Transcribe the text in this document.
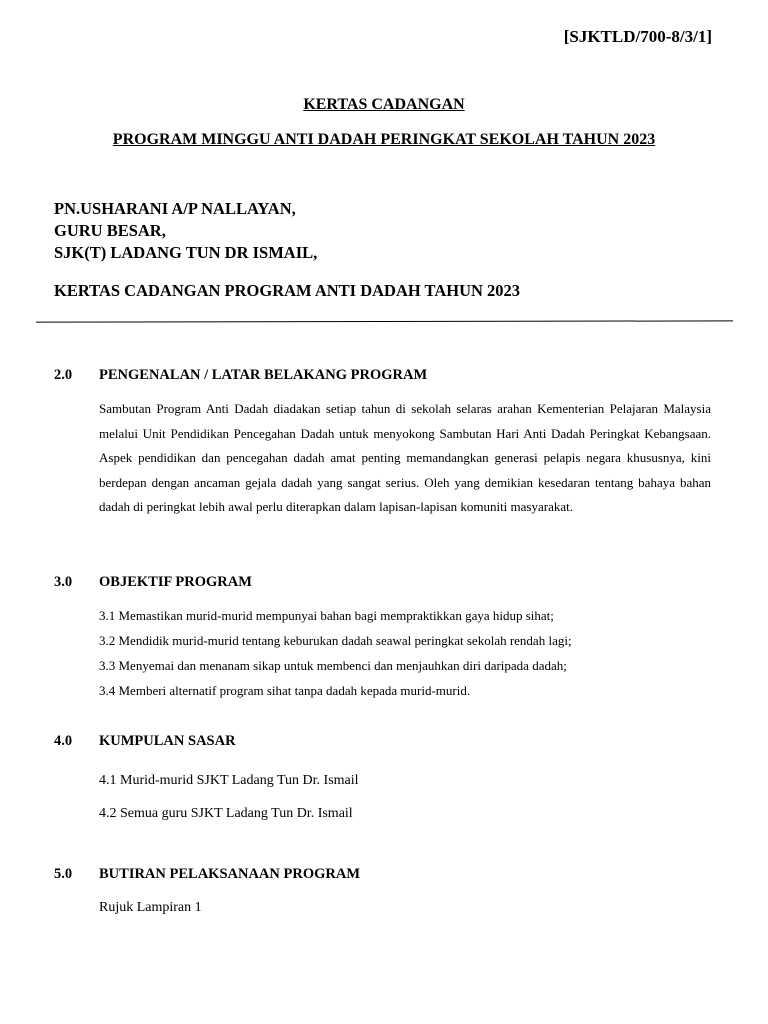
[SJKTLD/700-8/3/1]
KERTAS CADANGAN
PROGRAM MINGGU ANTI DADAH PERINGKAT SEKOLAH TAHUN 2023
PN.USHARANI A/P NALLAYAN,
GURU BESAR,
SJK(T) LADANG TUN DR ISMAIL,
KERTAS CADANGAN PROGRAM ANTI DADAH TAHUN 2023
2.0 PENGENALAN / LATAR BELAKANG PROGRAM
Sambutan Program Anti Dadah diadakan setiap tahun di sekolah selaras arahan Kementerian Pelajaran Malaysia melalui Unit Pendidikan Pencegahan Dadah untuk menyokong Sambutan Hari Anti Dadah Peringkat Kebangsaan. Aspek pendidikan dan pencegahan dadah amat penting memandangkan generasi pelapis negara khususnya, kini berdepan dengan ancaman gejala dadah yang sangat serius. Oleh yang demikian kesedaran tentang bahaya bahan dadah di peringkat lebih awal perlu diterapkan dalam lapisan-lapisan komuniti masyarakat.
3.0 OBJEKTIF PROGRAM
3.1 Memastikan murid-murid mempunyai bahan bagi mempraktikkan gaya hidup sihat;
3.2 Mendidik murid-murid tentang keburukan dadah seawal peringkat sekolah rendah lagi;
3.3 Menyemai dan menanam sikap untuk membenci dan menjauhkan diri daripada dadah;
3.4 Memberi alternatif program sihat tanpa dadah kepada murid-murid.
4.0 KUMPULAN SASAR
4.1 Murid-murid SJKT Ladang Tun Dr. Ismail
4.2 Semua guru SJKT Ladang Tun Dr. Ismail
5.0 BUTIRAN PELAKSANAAN PROGRAM
Rujuk Lampiran 1
